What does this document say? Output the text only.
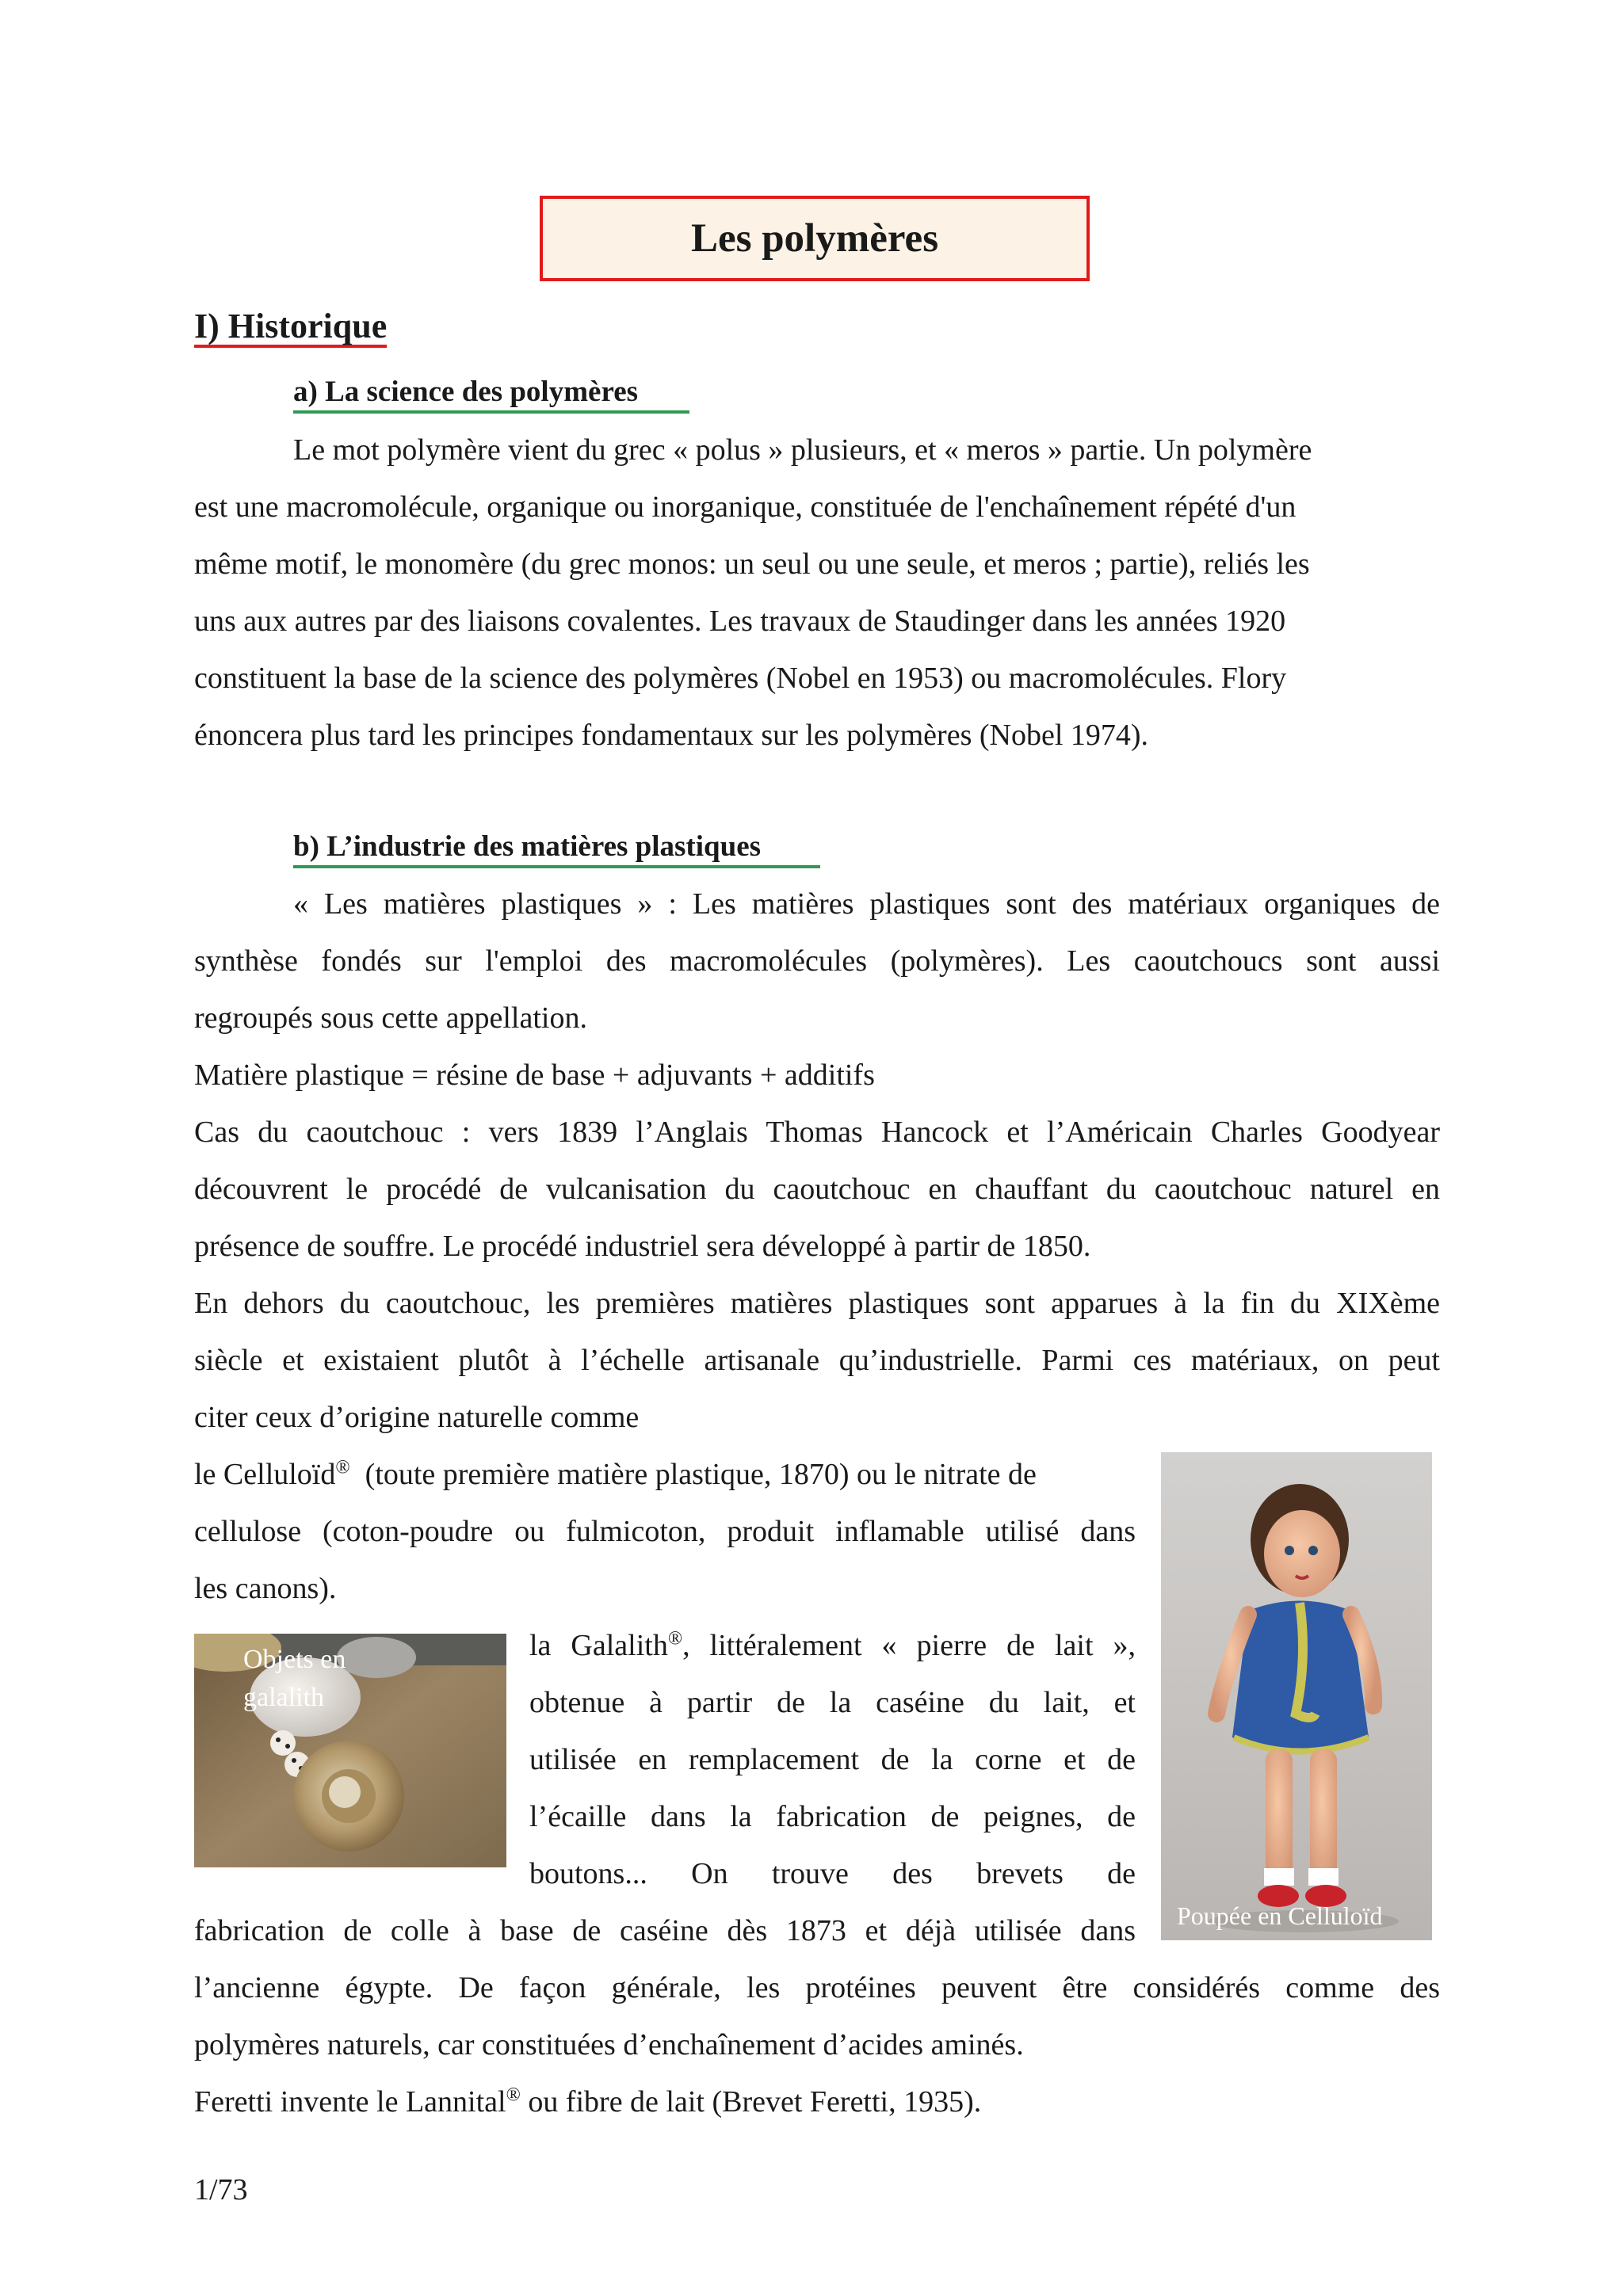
Les polymères
I) Historique
a) La science des polymères
Le mot polymère vient du grec « polus » plusieurs, et « meros » partie. Un polymère
est une macromolécule, organique ou inorganique, constituée de l'enchaînement répété d'un
même motif, le monomère (du grec monos: un seul ou une seule, et meros ; partie), reliés les
uns aux autres par des liaisons covalentes. Les travaux de Staudinger dans les années 1920
constituent la base de la science des polymères (Nobel en 1953) ou macromolécules. Flory
énoncera plus tard les principes fondamentaux sur les polymères (Nobel 1974).
b) L’industrie des matières plastiques
« Les matières plastiques » : Les matières plastiques sont des matériaux organiques de
synthèse fondés sur l'emploi des macromolécules (polymères). Les caoutchoucs sont aussi
regroupés sous cette appellation.
Matière plastique = résine de base + adjuvants + additifs
Cas du caoutchouc : vers 1839 l’Anglais Thomas Hancock et l’Américain Charles Goodyear
découvrent le procédé de vulcanisation du caoutchouc en chauffant du caoutchouc naturel en
présence de souffre. Le procédé industriel sera développé à partir de 1850.
En dehors du caoutchouc, les premières matières plastiques sont apparues à la fin du XIXème
siècle et existaient plutôt à l’échelle artisanale qu’industrielle. Parmi ces matériaux, on peut
citer ceux d’origine naturelle comme
le Celluloïd®  (toute première matière plastique, 1870) ou le nitrate de
cellulose (coton-poudre ou fulmicoton, produit inflamable utilisé dans
les canons).
Objets en
galalith
la Galalith®, littéralement « pierre de lait »,
obtenue à partir de la caséine du lait, et
utilisée en remplacement de la corne et de
l’écaille dans la fabrication de peignes, de
boutons... On trouve des brevets de
Poupée en Celluloïd
fabrication de colle à base de caséine dès 1873 et déjà utilisée dans
l’ancienne égypte. De façon générale, les protéines peuvent être considérés comme des
polymères naturels, car constituées d’enchaînement d’acides aminés.
Feretti invente le Lannital® ou fibre de lait (Brevet Feretti, 1935).
1/73
